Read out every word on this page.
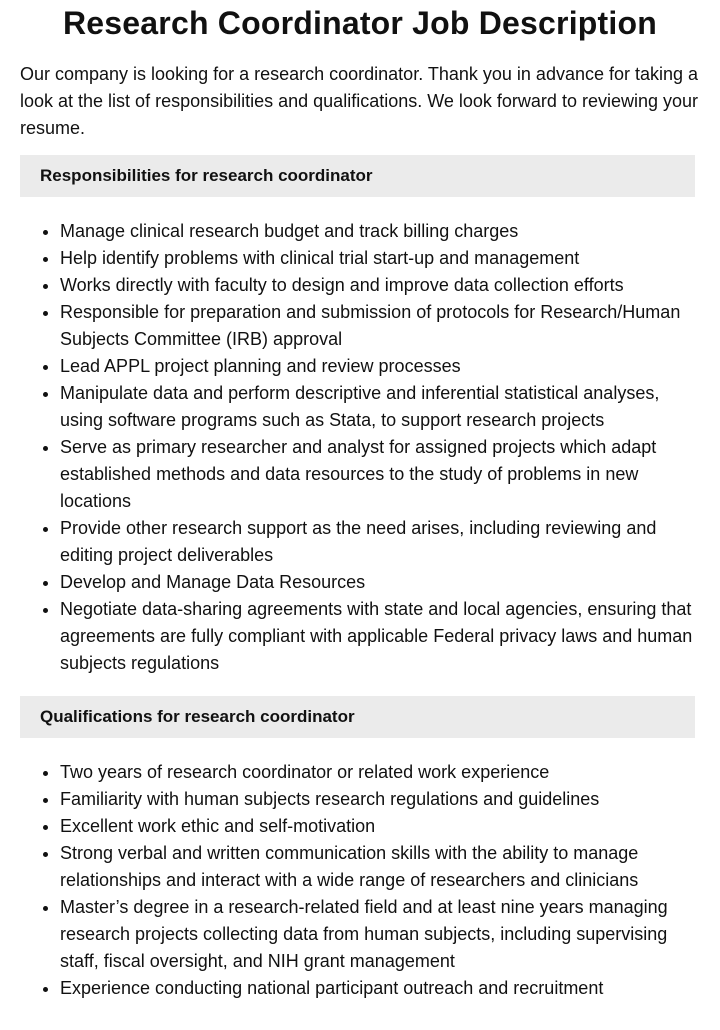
Research Coordinator Job Description

Our company is looking for a research coordinator. Thank you in advance for taking a look at the list of responsibilities and qualifications. We look forward to reviewing your resume.

Responsibilities for research coordinator
• Manage clinical research budget and track billing charges
• Help identify problems with clinical trial start-up and management
• Works directly with faculty to design and improve data collection efforts
• Responsible for preparation and submission of protocols for Research/Human Subjects Committee (IRB) approval
• Lead APPL project planning and review processes
• Manipulate data and perform descriptive and inferential statistical analyses, using software programs such as Stata, to support research projects
• Serve as primary researcher and analyst for assigned projects which adapt established methods and data resources to the study of problems in new locations
• Provide other research support as the need arises, including reviewing and editing project deliverables
• Develop and Manage Data Resources
• Negotiate data-sharing agreements with state and local agencies, ensuring that agreements are fully compliant with applicable Federal privacy laws and human subjects regulations
Qualifications for research coordinator
• Two years of research coordinator or related work experience
• Familiarity with human subjects research regulations and guidelines
• Excellent work ethic and self-motivation
• Strong verbal and written communication skills with the ability to manage relationships and interact with a wide range of researchers and clinicians
• Master’s degree in a research-related field and at least nine years managing research projects collecting data from human subjects, including supervising staff, fiscal oversight, and NIH grant management
• Experience conducting national participant outreach and recruitment
